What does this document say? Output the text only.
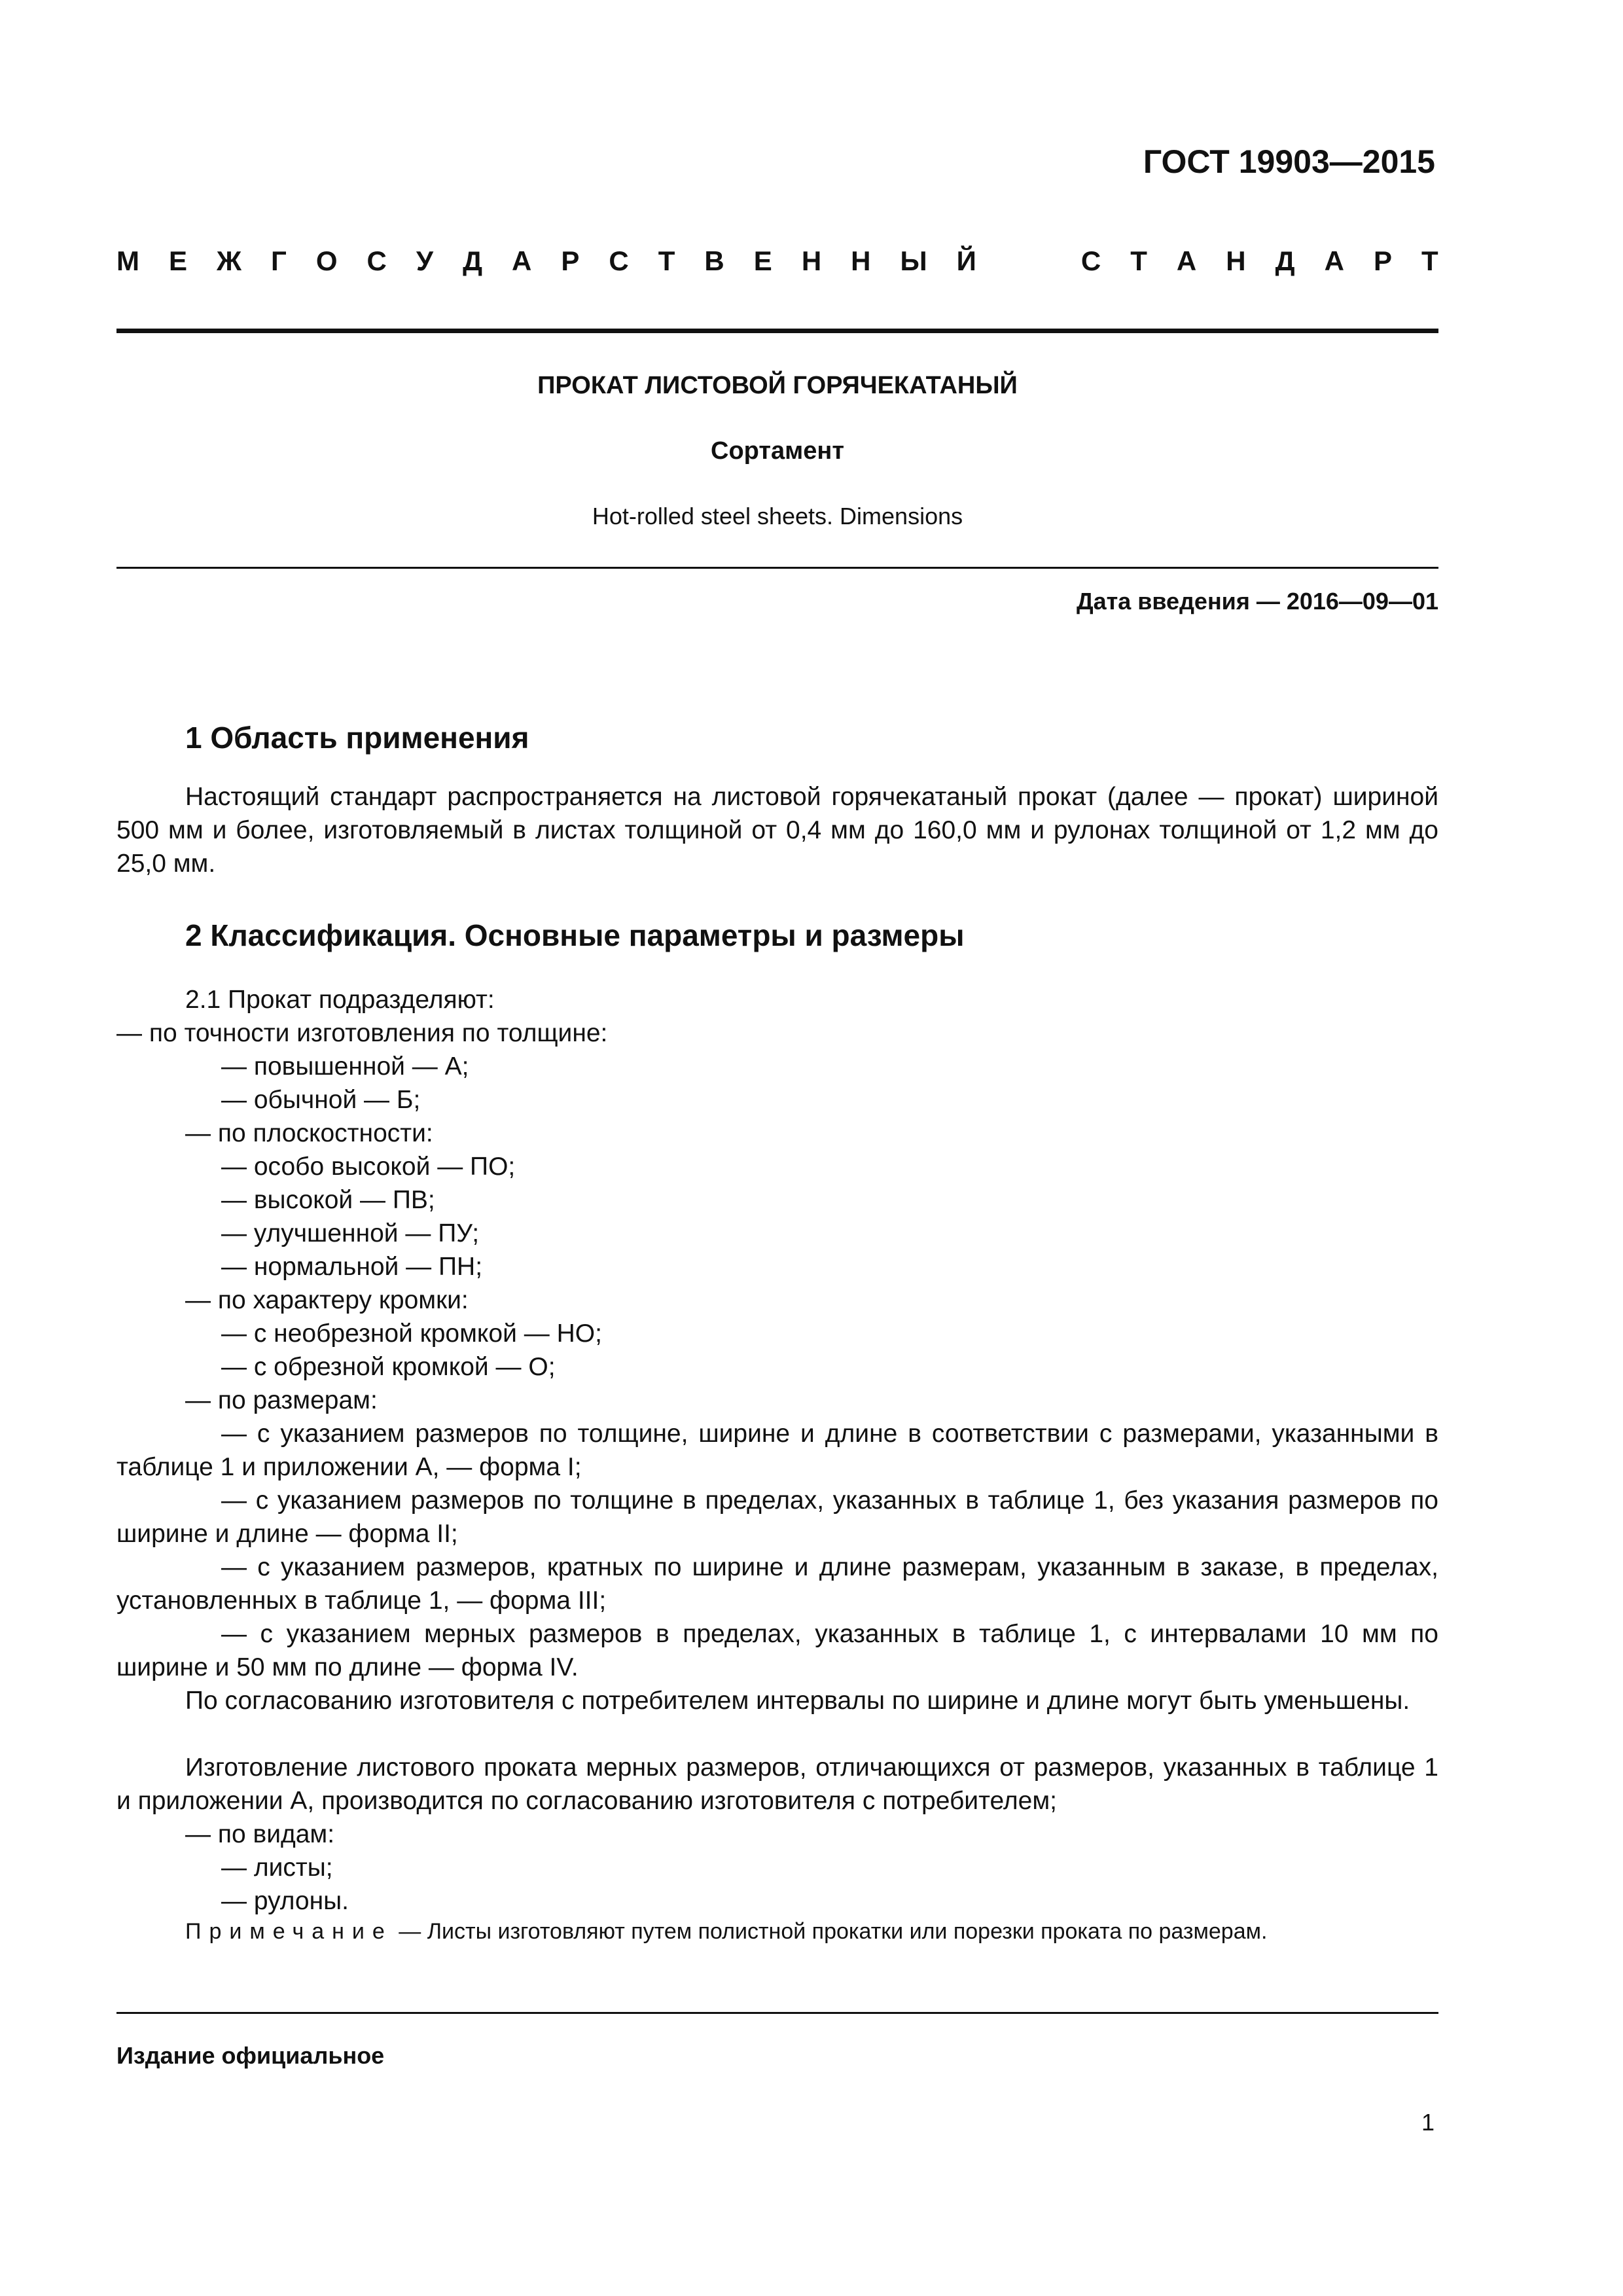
ГОСТ 19903—2015
М Е Ж Г О С У Д А Р С Т В Е Н Н Ы Й	С Т А Н Д А Р Т
ПРОКАТ ЛИСТОВОЙ ГОРЯЧЕКАТАНЫЙ
Сортамент
Hot-rolled steel sheets. Dimensions
Дата введения — 2016—09—01
1 Область применения

Настоящий стандарт распространяется на листовой горячекатаный прокат (далее — прокат) шириной 500 мм и более, изготовляемый в листах толщиной от 0,4 мм до 160,0 мм и рулонах толщиной от 1,2 мм до 25,0 мм.

2 Классификация. Основные параметры и размеры
2.1 Прокат подразделяют:
— по точности изготовления по толщине:
— повышенной — А;
— обычной — Б;
— по плоскостности:
— особо высокой — ПО;
— высокой — ПВ;
— улучшенной — ПУ;
— нормальной — ПН;
— по характеру кромки:
— с необрезной кромкой — НО;
— с обрезной кромкой — О;
— по размерам:

— с указанием размеров по толщине, ширине и длине в соответствии с размерами, указанными в таблице 1 и приложении А, — форма I;

— с указанием размеров по толщине в пределах, указанных в таблице 1, без указания размеров по ширине и длине — форма II;

— с указанием размеров, кратных по ширине и длине размерам, указанным в заказе, в пределах, установленных в таблице 1, — форма III;

— с указанием мерных размеров в пределах, указанных в таблице 1, с интервалами 10 мм по ширине и 50 мм по длине — форма IV.

По согласованию изготовителя с потребителем интервалы по ширине и длине могут быть уменьшены.

Изготовление листового проката мерных размеров, отличающихся от размеров, указанных в таблице 1 и приложении А, производится по согласованию изготовителя с потребителем;

— по видам:
— листы;
— рулоны.
Примечание — Листы изготовляют путем полистной прокатки или порезки проката по размерам.
Издание официальное
1
